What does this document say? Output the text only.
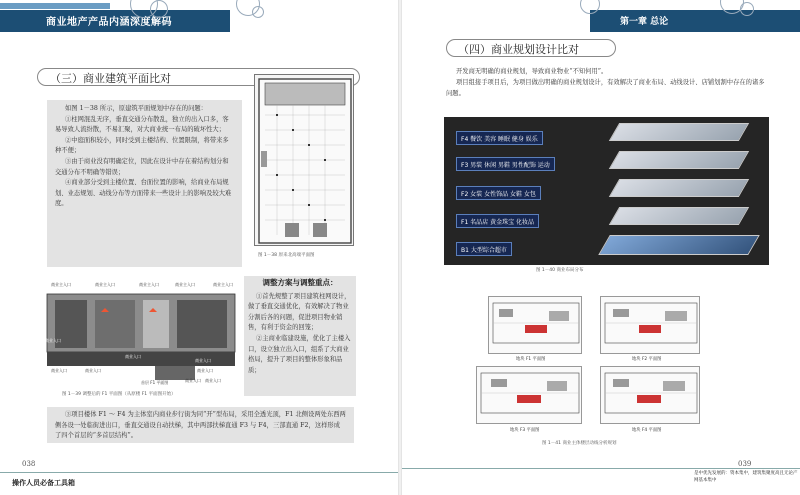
商业地产产品内涵深度解码
（三）商业建筑平面比对

如图 1－38 所示，原建筑平面规划中存在的问题：

①柱网混乱无序，垂直交通分布散乱，独立的出入口多，客易导致人流纷散，不易汇聚，对大商业统一布局的破坏性大；

②中庭面积较小，同时受到主楼结构、位置限制，将带来多种不便；

③由于商业没有明确定位，因此在设计中存在着结构划分和交通分布不明确等错误；

④商业部分受到主楼位置、台面位置的影响，给商业布局规划、业态规划、动线分布等方面带来一些设计上的影响及较大难度。

图 1－38 原来北高端平面图
商业主入口	商业主入口	商业主入口	商业主入口	商业主入口
商业入口
商业入口
商业入口	商业入口	商业入口
商业入口
商业入口 商业入口
首层 F1 平面图
图 1－39 调整后的 F1 平面图（从原楼 F1 平面图开始）
调整方案与调整重点：

①首先规整了项目建筑柱网设计，做了垂直交通优化，有效解决了物业分割后各的问题，促进项目物业销售，有利于资金的回笼；

②主商业临建设施，优化了主楼入口，设立独立出入口，组系了大商业格局，提升了项目的整体形象和品质；

③项目楼体 F1 ～ F4 为主体室内商业步行街为同“开”型布局，采用全透光顶，F1 北侧设两处东西两侧各设一处临街进出口，垂直交通设自动扶梯，其中两部扶梯直通 F3 与 F4，三部直通 F2，这样形成了四个首层的“多首层结构”。

038
操作人员必备工具箱
第一章 总论
（四）商业规划设计比对

开发商无明确的商业规划，导致商业物业“不知何用”。

项目组接手项目后，为项目做出明确的商业规划设计，有效解决了商业布局、动线设计、店铺划割中存在的诸多问题。

F4 餐饮 美容 睡眠 健身 娱乐
F3 男装 休闲 男鞋 男性配饰 运动
F2 女装 女性饰品 女鞋 女包
F1 名品店 黄金珠宝 化妆品
B1 大型综合超市
图 1－40 商业布局分布
地块 F1 平面图	地块 F2 平面图
地块 F3 平面图	地块 F4 平面图
图 1－41 商业主体楼层动线分析规划
039
是中优先发展的：资本集中，建筑集聚度高且无论产网基本集中
